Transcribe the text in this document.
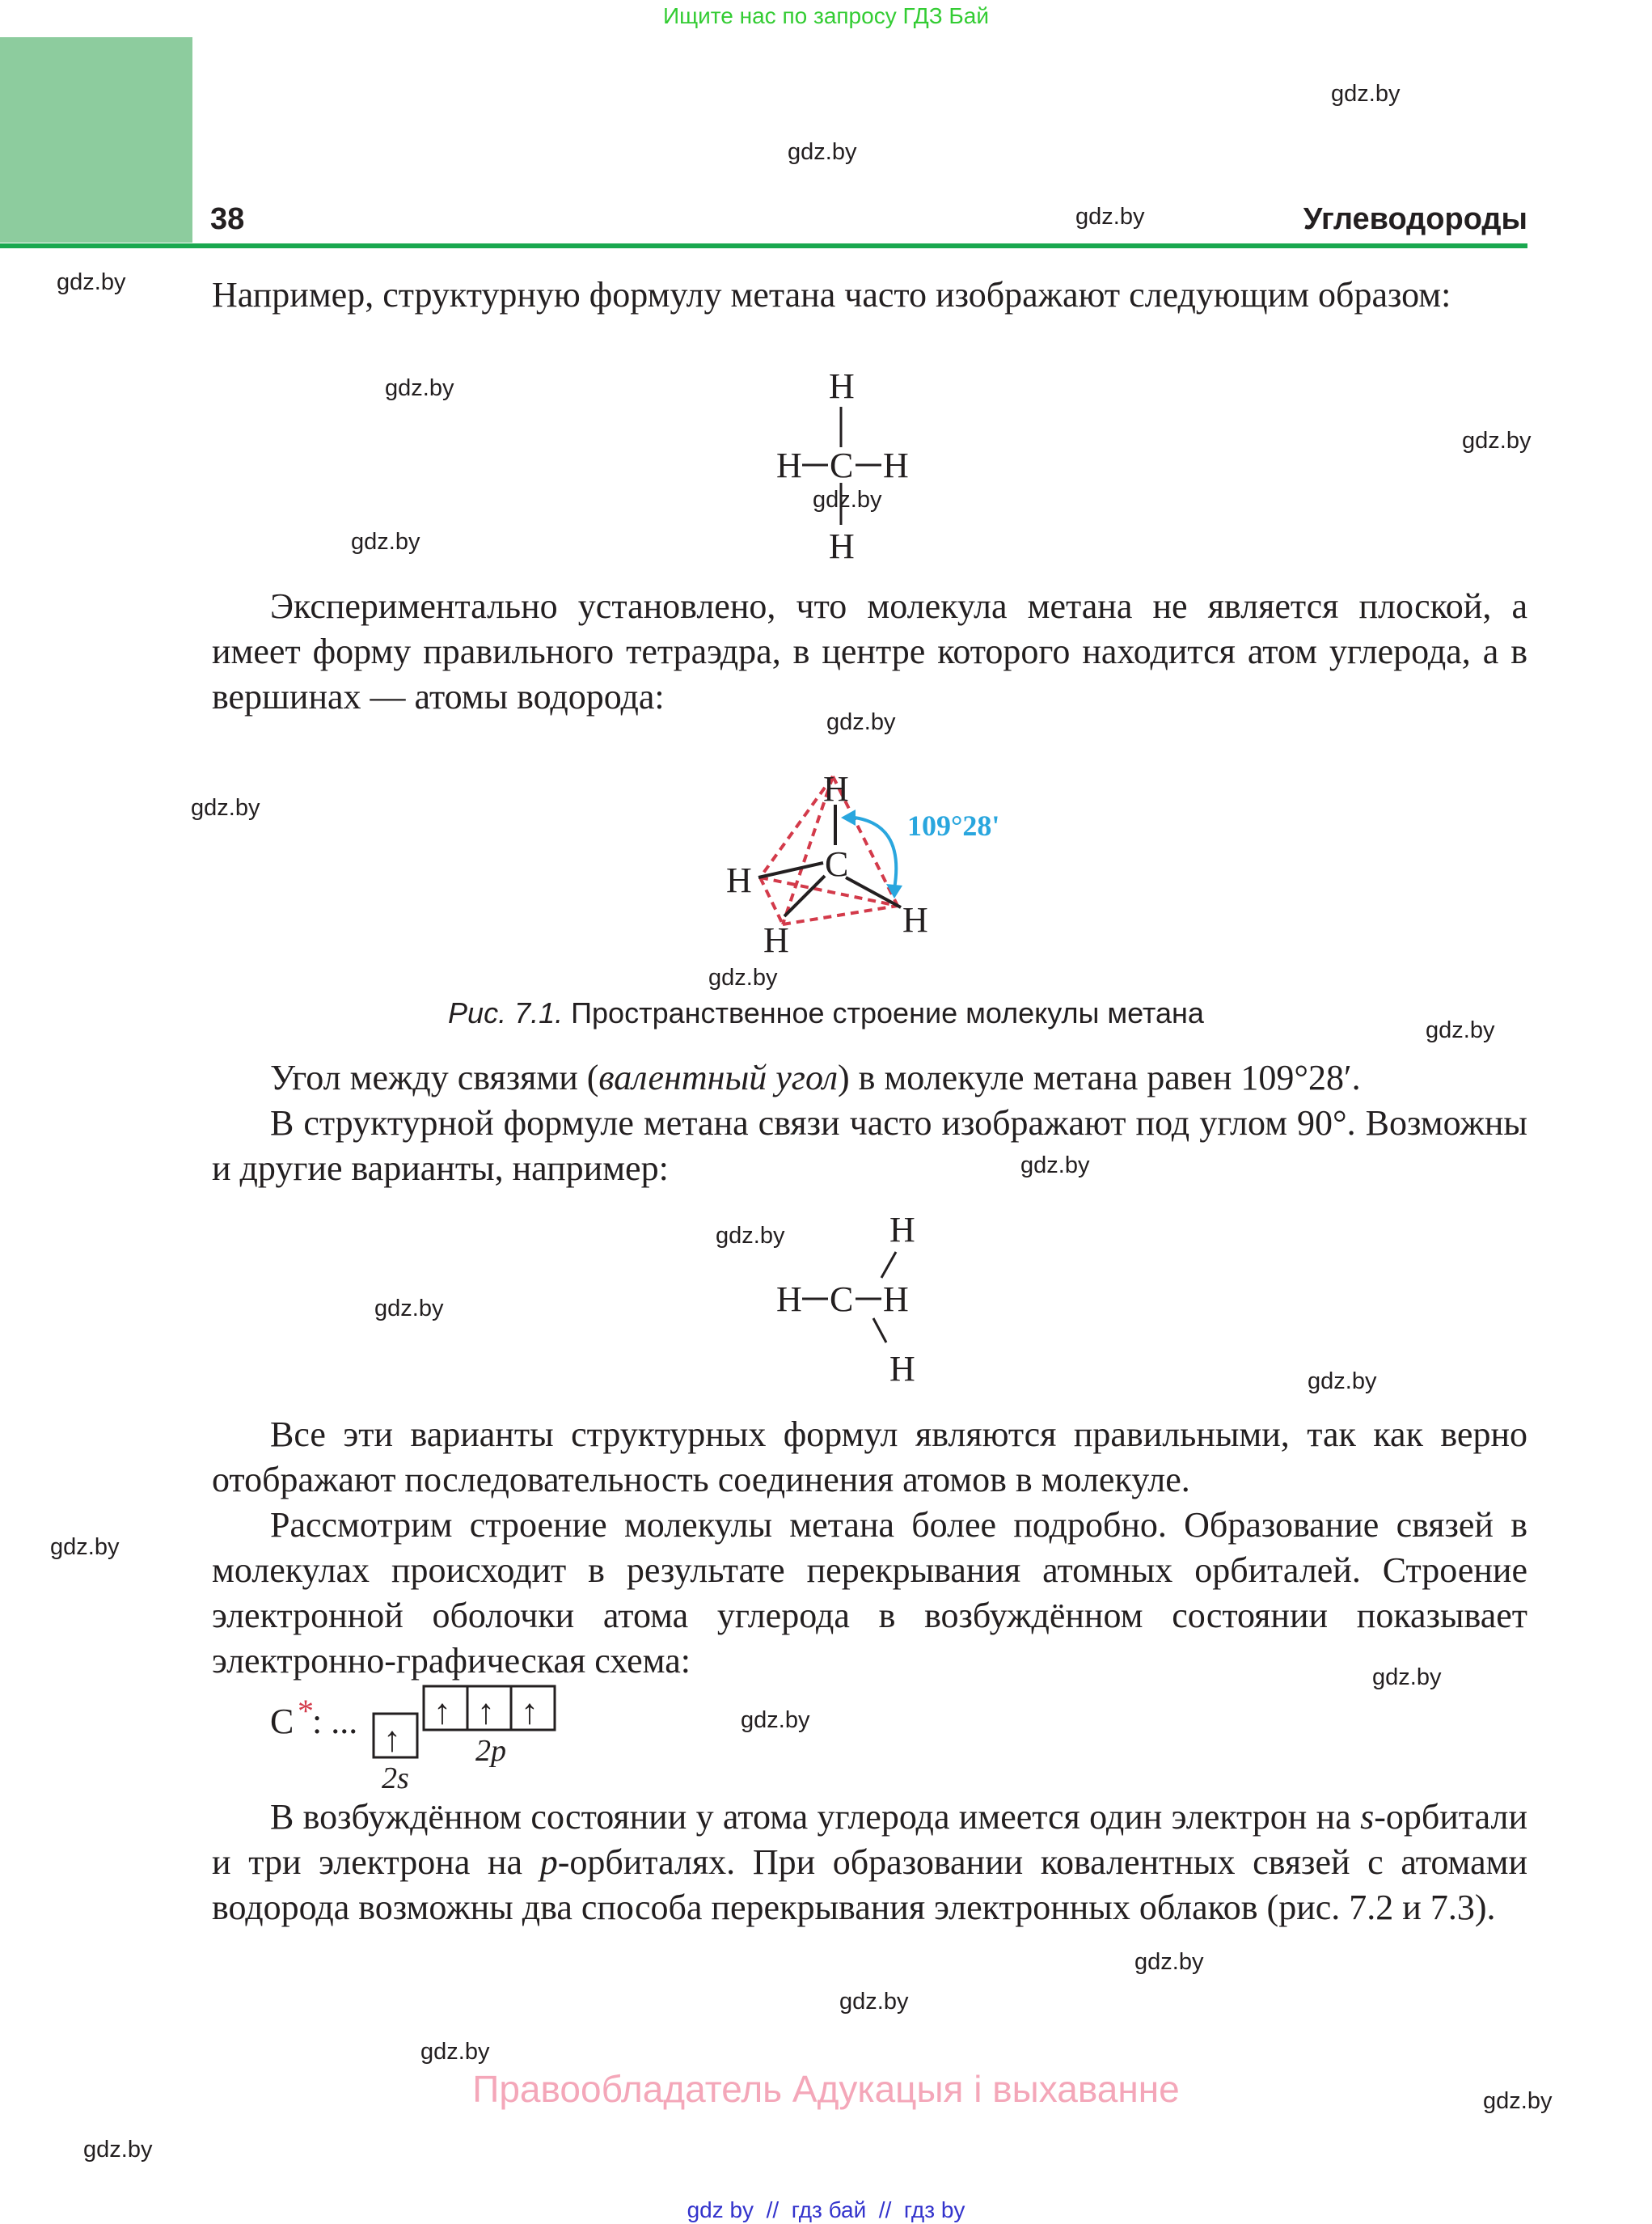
Ищите нас по запросу ГДЗ Бай
38	Углеводороды
gdz.by
gdz.by
gdz.by
gdz.by
gdz.by
gdz.by
gdz.by
gdz.by
gdz.by
gdz.by
gdz.by
gdz.by
gdz.by
gdz.by
gdz.by
gdz.by
gdz.by
gdz.by
gdz.by
gdz.by
gdz.by
gdz.by
gdz.by
gdz.by

Например, структурную формулу метана часто изображают следующим образом:

H
H C H
H

Экспериментально установлено, что молекула метана не является плоской, а имеет форму правильного тетраэдра, в центре которого находится атом углерода, а в вершинах — атомы водорода:

H
C
H
H
H
109°28'
Рис. 7.1. Пространственное строение молекулы метана

Угол между связями (валентный угол) в молекуле метана равен 109°28′.

В структурной формуле метана связи часто изображают под углом 90°. Возможны и другие варианты, например:

H
H C H
H

Все эти варианты структурных формул являются правильными, так как верно отображают последовательность соединения атомов в молекуле.

Рассмотрим строение молекулы метана более подробно. Образование связей в молекулах происходит в результате перекрывания атомных орбиталей. Строение электронной оболочки атома углерода в возбуждённом состоянии показывает электронно-графическая схема:

C *
: ... ↑
↑ ↑ ↑
2s
2p

В возбуждённом состоянии у атома углерода имеется один электрон на s-орбитали и три электрона на p-орбиталях. При образовании ковалентных связей с атомами водорода возможны два способа перекрывания электронных облаков (рис. 7.2 и 7.3).

Правообладатель Адукацыя і выхаванне
gdz by  //  гдз бай  //  гдз by
